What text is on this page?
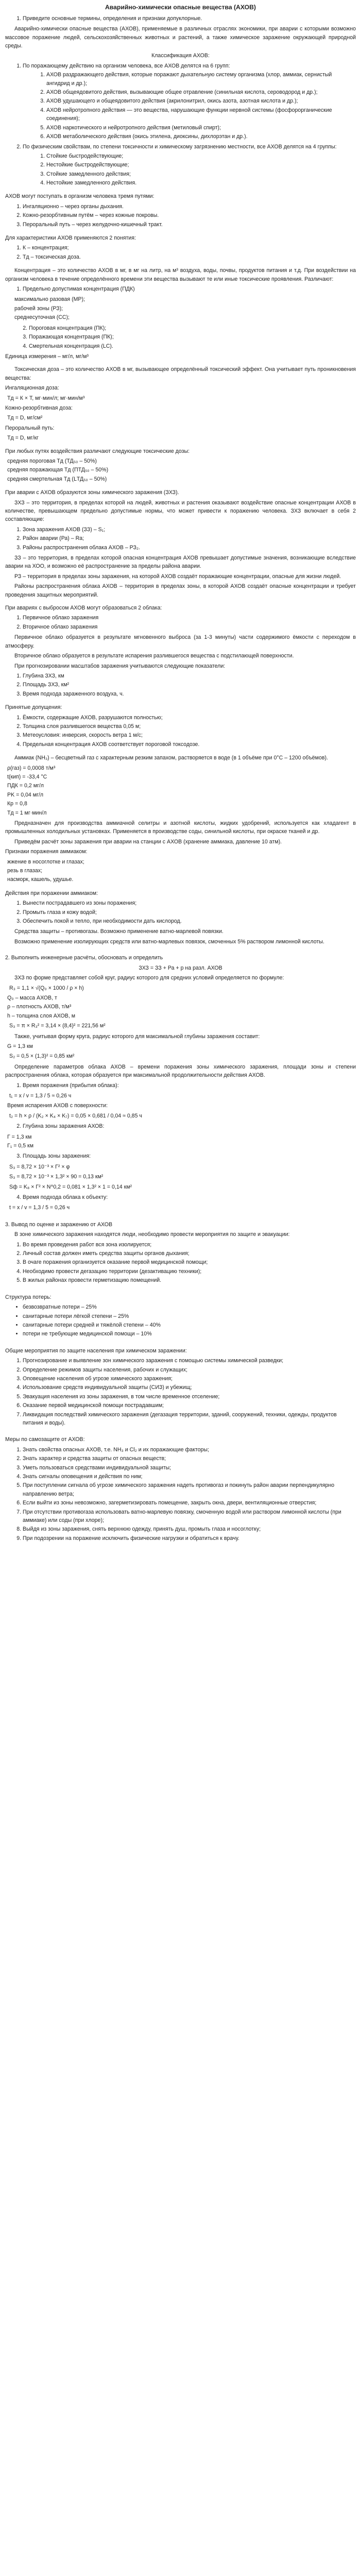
Аварийно-химически опасные вещества (АХОВ)
1. Приведите основные термины, определения и признаки допуклорные.

Аварийно-химически опасные вещества (АХОВ), применяемые в различных отраслях экономики, при аварии с которыми возможно массовое поражение людей, сельскохозяйственных животных и растений, а также химическое заражение окружающей природной среды.

Классификация АХОВ:

1. По поражающему действию на организм человека, все АХОВ делятся на 6 групп:
1. АХОВ раздражающего действия, которые поражают дыхательную систему организма (хлор, аммиак, сернистый ангидрид и др.);
2. АХОВ общеядовитого действия, вызывающие общее отравление (синильная кислота, сероводород и др.);
3. АХОВ удушающего и общеядовитого действия (акрилонитрил, окись азота, азотная кислота и др.);
4. АХОВ нейротропного действия — это вещества, нарушающие функции нервной системы (фосфорорганические соединения);
5. АХОВ наркотического и нейротропного действия (метиловый спирт);
6. АХОВ метаболического действия (окись этилена, диоксины, дихлорэтан и др.).
2. По физическим свойствам, по степени токсичности и химическому загрязнению местности, все АХОВ делятся на 4 группы:
1. Стойкие быстродействующие;
2. Нестойкие быстродействующие;
3. Стойкие замедленного действия;
4. Нестойкие замедленного действия.

АХОВ могут поступать в организм человека тремя путями:

1. Ингаляционно – через органы дыхания.
2. Кожно-резорбтивным путём – через кожные покровы.
3. Пероральный путь – через желудочно-кишечный тракт.

Для характеристики АХОВ применяются 2 понятия:

1. К – концентрация;
2. Тд – токсическая доза.

Концентрация – это количество АХОВ в мг, в мг на литр, на м³ воздуха, воды, почвы, продуктов питания и т.д. При воздействии на организм человека в течение определённого времени эти вещества вызывают те или иные токсические проявления. Различают:

1. Предельно допустимая концентрация (ПДК)
максимально разовая (МР);
рабочей зоны (РЗ);
среднесуточная (СС);
2. Пороговая концентрация (ПК);
3. Поражающая концентрация (ПК);
4. Смертельная концентрация (LС).

Единица измерения – мг/л, мг/м³

Токсическая доза – это количество АХОВ в мг, вызывающее определённый токсический эффект. Она учитывает путь проникновения вещества:

Ингаляционная доза:

Тд = К × Т, мг·мин/л; мг·мин/м³

Кожно-резорбтивная доза:

Тд = D, мг/см²

Пероральный путь:

Тд = D, мг/кг

При любых путях воздействия различают следующие токсические дозы:

средняя пороговая Тд (ТД₅₀ – 50%)
средняя поражающая Тд (ПТД₅₀ – 50%)
средняя смертельная Тд (LТД₅₀ – 50%)

При аварии с АХОВ образуются зоны химического заражения (ЗХЗ).

ЗХЗ – это территория, в пределах которой на людей, животных и растения оказывают воздействие опасные концентрации АХОВ в количестве, превышающем предельно допустимые нормы, что может привести к поражению человека. ЗХЗ включает в себя 2 составляющие:

1. Зона заражения АХОВ (ЗЗ) – S₁;
2. Район аварии (Ра) – Ra;
3. Районы распространения облака АХОВ – РЗ₂.

ЗЗ – это территория, в пределах которой опасная концентрация АХОВ превышает допустимые значения, возникающие вследствие аварии на ХОО, и возможно её распространение за пределы района аварии.

РЗ – территория в пределах зоны заражения, на которой АХОВ создаёт поражающие концентрации, опасные для жизни людей.

Районы распространения облака АХОВ – территория в пределах зоны, в которой АХОВ создаёт опасные концентрации и требует проведения защитных мероприятий.

При авариях с выбросом АХОВ могут образоваться 2 облака:

1. Первичное облако заражения
2. Вторичное облако заражения

Первичное облако образуется в результате мгновенного выброса (за 1-3 минуты) части содержимого ёмкости с переходом в атмосферу.

Вторичное облако образуется в результате испарения разлившегося вещества с подстилающей поверхности.

При прогнозировании масштабов заражения учитываются следующие показатели:

1. Глубина ЗХЗ, км
2. Площадь ЗХЗ, км²
3. Время подхода зараженного воздуха, ч.

Принятые допущения:

1. Ёмкости, содержащие АХОВ, разрушаются полностью;
2. Толщина слоя разлившегося вещества 0,05 м;
3. Метеоусловия: инверсия, скорость ветра 1 м/с;
4. Предельная концентрация АХОВ соответствует пороговой токсодозе.

Аммиак (NH₃) – бесцветный газ с характерным резким запахом, растворяется в воде (в 1 объёме при 0°С – 1200 объёмов).

ρ(газ) = 0,0008 т/м³
t(кип) = -33,4 °С
ПДК = 0,2 мг/л
PK = 0,04 мг/л
Кр = 0,8
Тд = 1 мг·мин/л

Предназначен для производства аммиачной селитры и азотной кислоты, жидких удобрений, используется как хладагент в промышленных холодильных установках. Применяется в производстве соды, синильной кислоты, при окраске тканей и др.

Приведём расчёт зоны заражения при аварии на станции с АХОВ (хранение аммиака, давление 10 атм).

Признаки поражения аммиаком:

жжение в носоглотке и глазах;
резь в глазах;
насморк, кашель, удушье.

Действия при поражении аммиаком:

1. Вынести пострадавшего из зоны поражения;
2. Промыть глаза и кожу водой;
3. Обеспечить покой и тепло, при необходимости дать кислород.

Средства защиты – противогазы. Возможно применение ватно-марлевой повязки.

Возможно применение изолирующих средств или ватно-марлевых повязок, смоченных 5% раствором лимонной кислоты.

2. Выполнить инженерные расчёты, обосновать и определить

ЗХЗ = ЗЗ + Ра + р на разл. АХОВ

ЗХЗ по форме представляет собой круг, радиус которого для средних условий определяется по формуле:

R₃ = 1,1 × √(Q₀ × 1000 / ρ × h)
Q₀ – масса АХОВ, т
ρ – плотность АХОВ, т/м³
h – толщина слоя АХОВ, м
S₃ = π × R₃² = 3,14 × (8,4)² = 221,56 м²

Также, учитывая форму круга, радиус которого для максимальной глубины заражения составит:

G = 1,3 км
S₂ = 0,5 × (1,3)² = 0,85 км²

Определение параметров облака АХОВ – времени поражения зоны химического заражения, площади зоны и степени распространения облака, которая образуется при максимальной продолжительности действия АХОВ.

1. Время поражения (прибытия облака):
t₁ = x / v = 1,3 / 5 ≈ 0,26 ч
Время испарения АХОВ с поверхности:
t₂ = h × ρ / (K₂ × K₄ × K₇) = 0,05 × 0,681 / 0,04 ≈ 0,85 ч
2. Глубина зоны заражения АХОВ:
Г = 1,3 км
Г₁ = 0,5 км
3. Площадь зоны заражения:
S₃ = 8,72 × 10⁻³ × Г² × φ
S₃ = 8,72 × 10⁻³ × 1,3² × 90 = 0,13 км²
Sф = K₈ × Г² × N^0,2 = 0,081 × 1,3² × 1 = 0,14 км²
4. Время подхода облака к объекту:
t = x / v = 1,3 / 5 = 0,26 ч

3. Вывод по оценке и заражению от АХОВ

В зоне химического заражения находятся люди, необходимо провести мероприятия по защите и эвакуации:

1. Во время проведения работ вся зона изолируется;
2. Личный состав должен иметь средства защиты органов дыхания;
3. В очаге поражения организуется оказание первой медицинской помощи;
4. Необходимо провести дегазацию территории (дезактивацию техники);
5. В жилых районах провести герметизацию помещений.

Структура потерь:

• безвозвратные потери – 25%
• санитарные потери лёгкой степени – 25%
• санитарные потери средней и тяжёлой степени – 40%
• потери не требующие медицинской помощи – 10%

Общие мероприятия по защите населения при химическом заражении:

1. Прогнозирование и выявление зон химического заражения с помощью системы химической разведки;
2. Определение режимов защиты населения, рабочих и служащих;
3. Оповещение населения об угрозе химического заражения;
4. Использование средств индивидуальной защиты (СИЗ) и убежищ;
5. Эвакуация населения из зоны заражения, в том числе временное отселение;
6. Оказание первой медицинской помощи пострадавшим;
7. Ликвидация последствий химического заражения (дегазация территории, зданий, сооружений, техники, одежды, продуктов питания и воды).

Меры по самозащите от АХОВ:

1. Знать свойства опасных АХОВ, т.е. NH₃ и Cl₂ и их поражающие факторы;
2. Знать характер и средства защиты от опасных веществ;
3. Уметь пользоваться средствами индивидуальной защиты;
4. Знать сигналы оповещения и действия по ним;
5. При поступлении сигнала об угрозе химического заражения надеть противогаз и покинуть район аварии перпендикулярно направлению ветра;
6. Если выйти из зоны невозможно, загерметизировать помещение, закрыть окна, двери, вентиляционные отверстия;
7. При отсутствии противогаза использовать ватно-марлевую повязку, смоченную водой или раствором лимонной кислоты (при аммиаке) или соды (при хлоре);
8. Выйдя из зоны заражения, снять верхнюю одежду, принять душ, промыть глаза и носоглотку;
9. При подозрении на поражение исключить физические нагрузки и обратиться к врачу.
